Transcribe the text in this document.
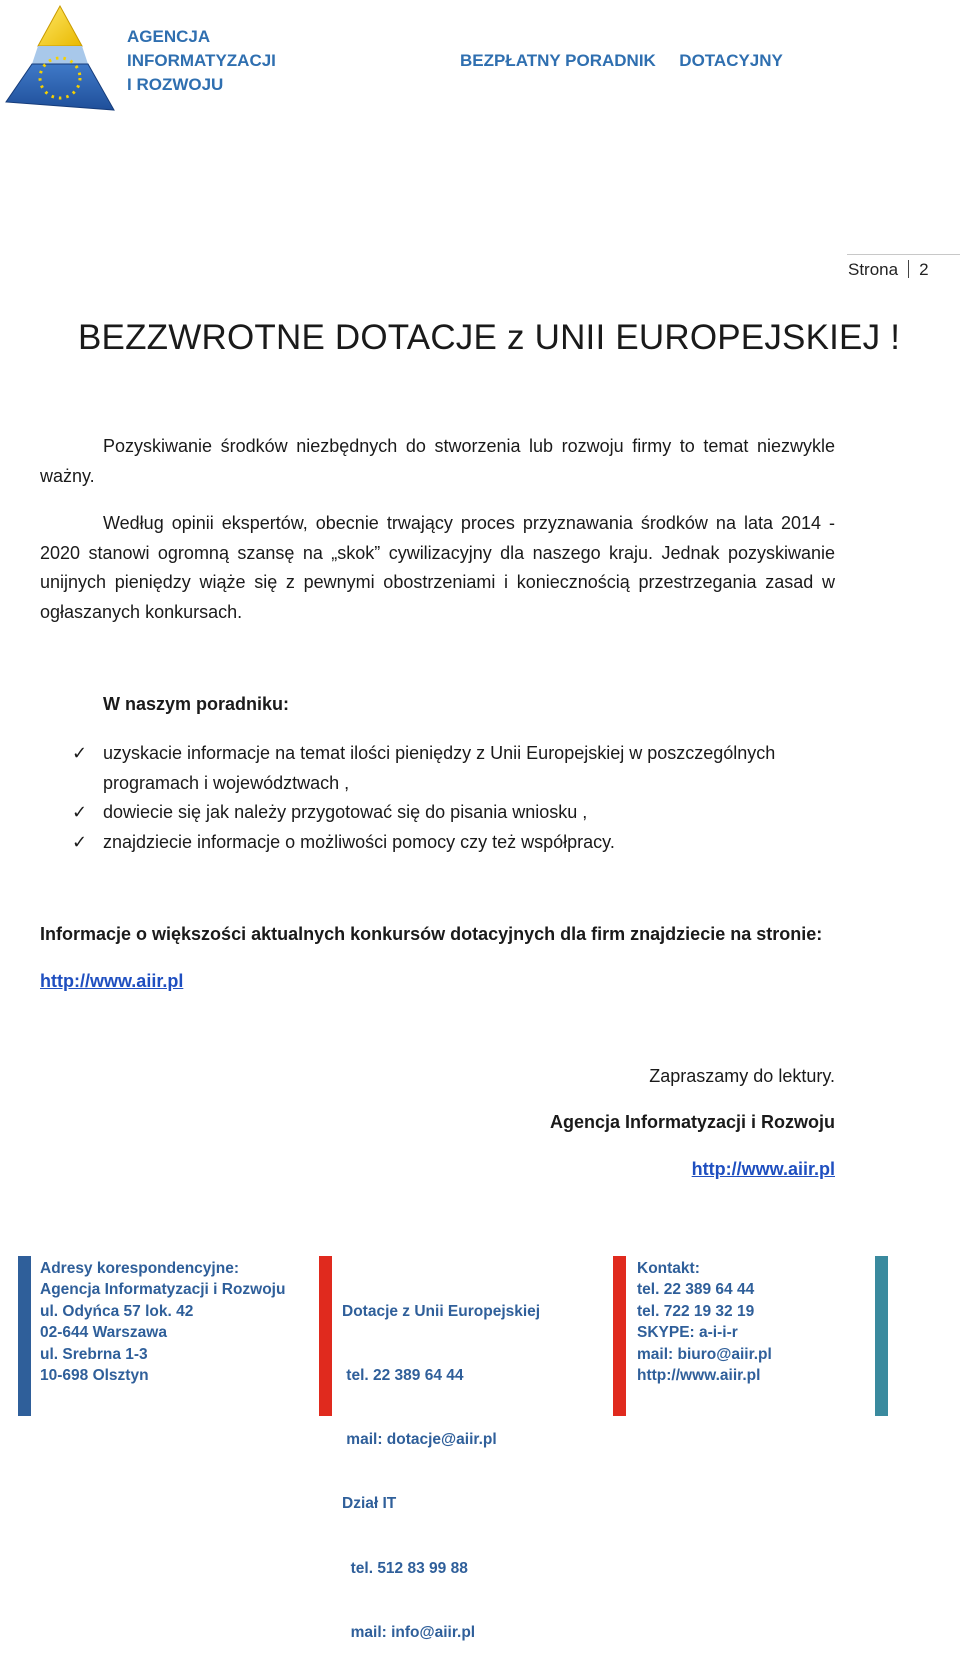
AGENCJA
INFORMATYZACJI
I ROZWOJU
BEZPŁATNY PORADNIK DOTACYJNY
Strona 2
BEZZWROTNE DOTACJE z UNII EUROPEJSKIEJ !
Pozyskiwanie środków niezbędnych do stworzenia lub rozwoju firmy to temat niezwykle ważny.
Według opinii ekspertów, obecnie trwający proces przyznawania środków na lata 2014 - 2020 stanowi ogromną szansę na „skok” cywilizacyjny dla naszego kraju. Jednak pozyskiwanie unijnych pieniędzy wiąże się z pewnymi obostrzeniami i koniecznością przestrzegania zasad w ogłaszanych konkursach.
W naszym poradniku:
✓ uzyskacie informacje na temat ilości pieniędzy z Unii Europejskiej w poszczególnych programach i województwach ,
✓ dowiecie się jak należy przygotować się do pisania wniosku ,
✓ znajdziecie informacje o możliwości pomocy czy też współpracy.
Informacje o większości aktualnych konkursów dotacyjnych dla firm znajdziecie na stronie:
http://www.aiir.pl
Zapraszamy do lektury.
Agencja Informatyzacji i Rozwoju
http://www.aiir.pl
Adresy korespondencyjne:
Agencja Informatyzacji i Rozwoju
ul. Odyńca 57 lok. 42
02-644 Warszawa
ul. Srebrna 1-3
10-698 Olsztyn

Dotacje z Unii Europejskiej

tel. 22 389 64 44

mail: dotacje@aiir.pl

Dział IT

tel. 512 83 99 88

mail: info@aiir.pl

Kontakt:
tel. 22 389 64 44
tel. 722 19 32 19
SKYPE: a-i-i-r
mail: biuro@aiir.pl
http://www.aiir.pl
